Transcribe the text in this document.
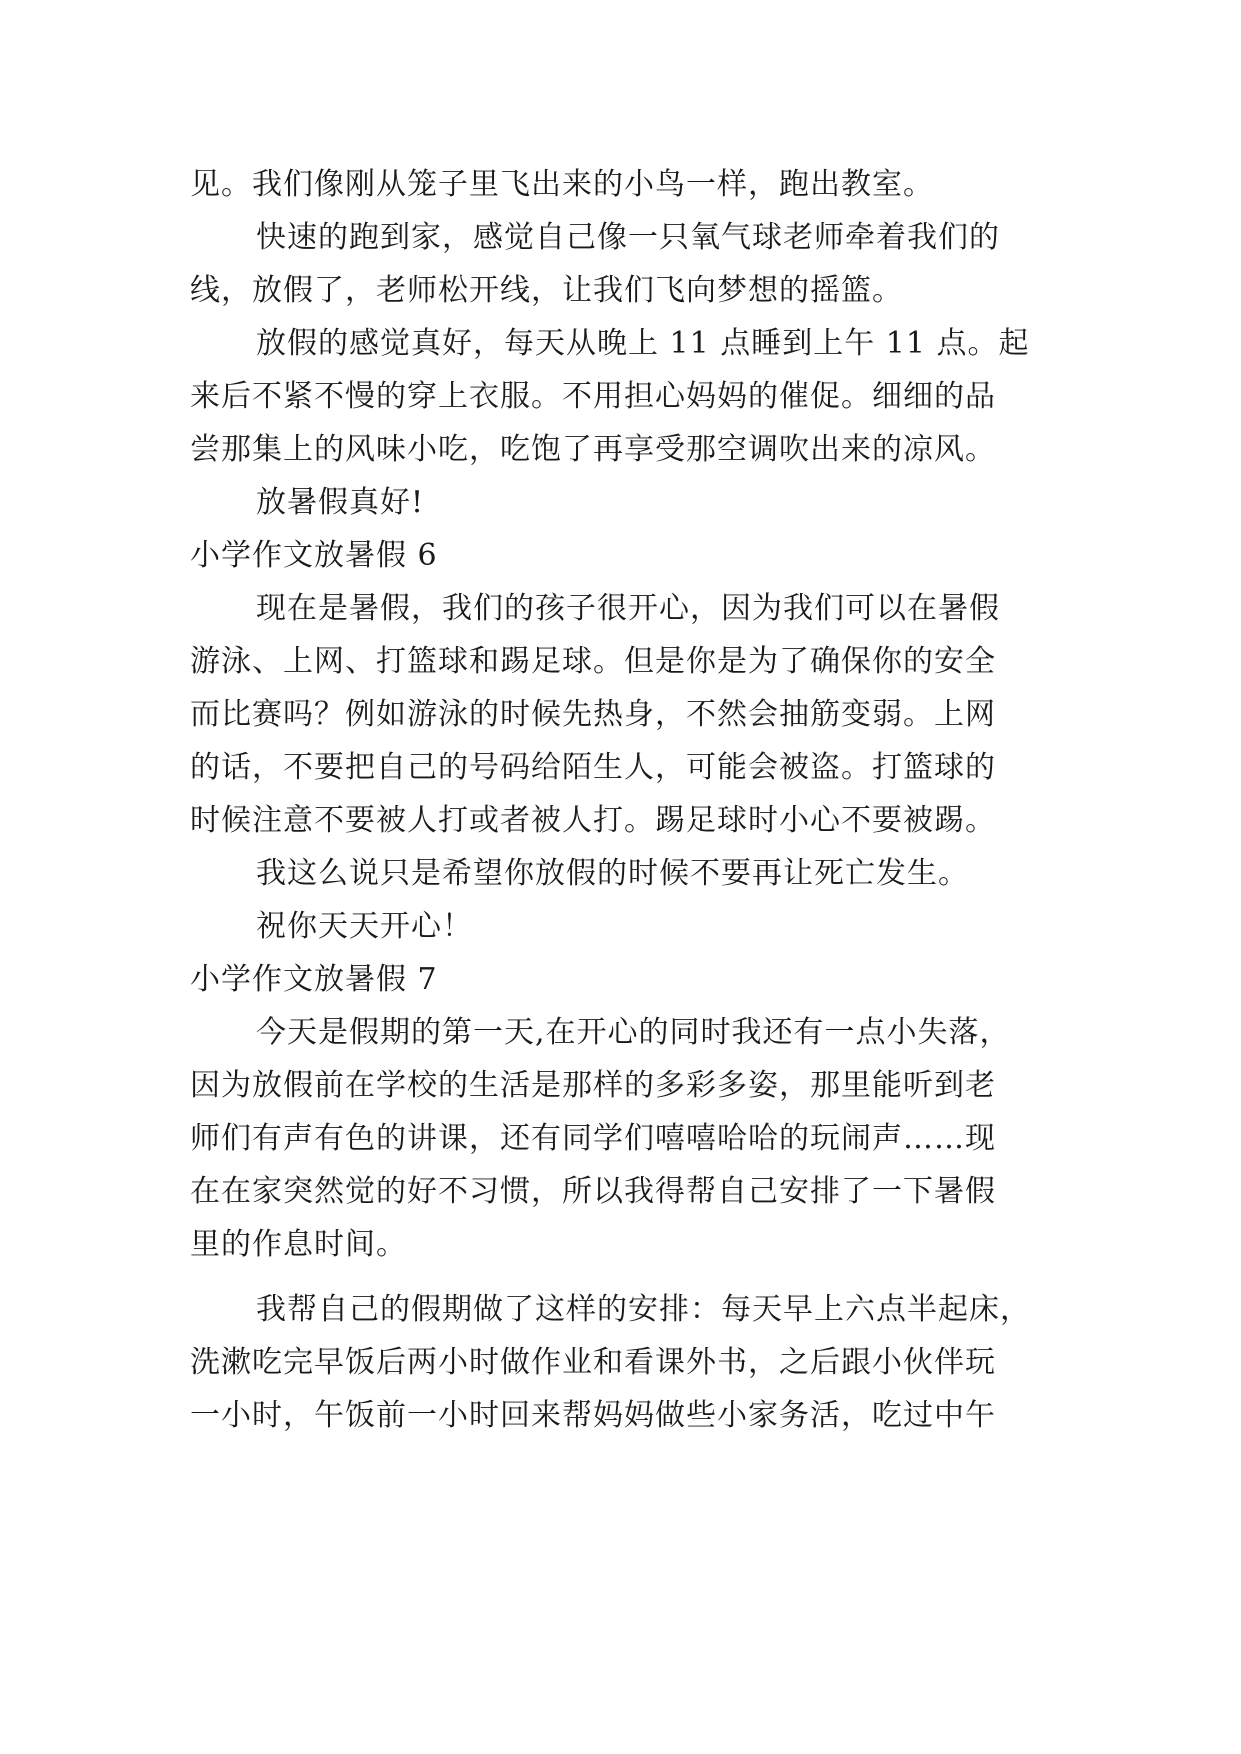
见。我们像刚从笼子里飞出来的小鸟一样，跑出教室。
快速的跑到家，感觉自己像一只氧气球老师牵着我们的
线，放假了，老师松开线，让我们飞向梦想的摇篮。
放假的感觉真好，每天从晚上 11 点睡到上午 11 点。起
来后不紧不慢的穿上衣服。不用担心妈妈的催促。细细的品
尝那集上的风味小吃，吃饱了再享受那空调吹出来的凉风。
放暑假真好!
小学作文放暑假 6
现在是暑假，我们的孩子很开心，因为我们可以在暑假
游泳、上网、打篮球和踢足球。但是你是为了确保你的安全
而比赛吗？例如游泳的时候先热身，不然会抽筋变弱。上网
的话，不要把自己的号码给陌生人，可能会被盗。打篮球的
时候注意不要被人打或者被人打。踢足球时小心不要被踢。
我这么说只是希望你放假的时候不要再让死亡发生。
祝你天天开心！
小学作文放暑假 7
今天是假期的第一天,在开心的同时我还有一点小失落，
因为放假前在学校的生活是那样的多彩多姿，那里能听到老
师们有声有色的讲课，还有同学们嘻嘻哈哈的玩闹声……现
在在家突然觉的好不习惯，所以我得帮自己安排了一下暑假
里的作息时间。
我帮自己的假期做了这样的安排：每天早上六点半起床，
洗漱吃完早饭后两小时做作业和看课外书，之后跟小伙伴玩
一小时，午饭前一小时回来帮妈妈做些小家务活，吃过中午
